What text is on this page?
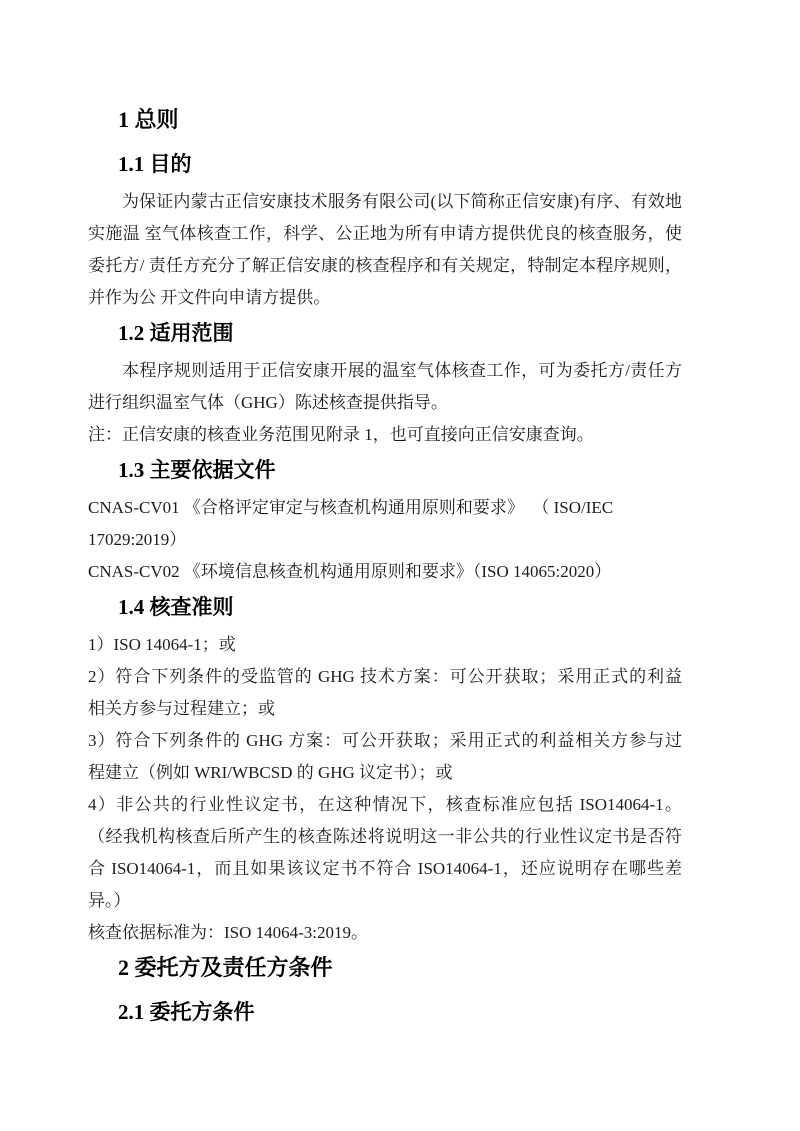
1 总则
1.1 目的
为保证内蒙古正信安康技术服务有限公司(以下简称正信安康)有序、有效地
实施温 室气体核查工作，科学、公正地为所有申请方提供优良的核查服务，使
委托方/ 责任方充分了解正信安康的核查程序和有关规定，特制定本程序规则，
并作为公 开文件向申请方提供。
1.2 适用范围
本程序规则适用于正信安康开展的温室气体核查工作，可为委托方/责任方
进行组织温室气体（GHG）陈述核查提供指导。
注：正信安康的核查业务范围见附录 1，也可直接向正信安康查询。
1.3 主要依据文件
CNAS-CV01 《合格评定审定与核查机构通用原则和要求》  （ ISO/IEC
17029:2019）
CNAS-CV02 《环境信息核查机构通用原则和要求》（ISO 14065:2020）
1.4 核查准则
1）ISO 14064-1；或
2）符合下列条件的受监管的 GHG 技术方案：可公开获取；采用正式的利益
相关方参与过程建立；或
3）符合下列条件的 GHG 方案：可公开获取；采用正式的利益相关方参与过
程建立（例如 WRI/WBCSD 的 GHG 议定书）；或
4）非公共的行业性议定书，在这种情况下，核查标准应包括 ISO14064-1。
（经我机构核查后所产生的核查陈述将说明这一非公共的行业性议定书是否符
合 ISO14064-1，而且如果该议定书不符合 ISO14064-1，还应说明存在哪些差
异。）
核查依据标准为：ISO 14064-3:2019。
2 委托方及责任方条件
2.1 委托方条件
